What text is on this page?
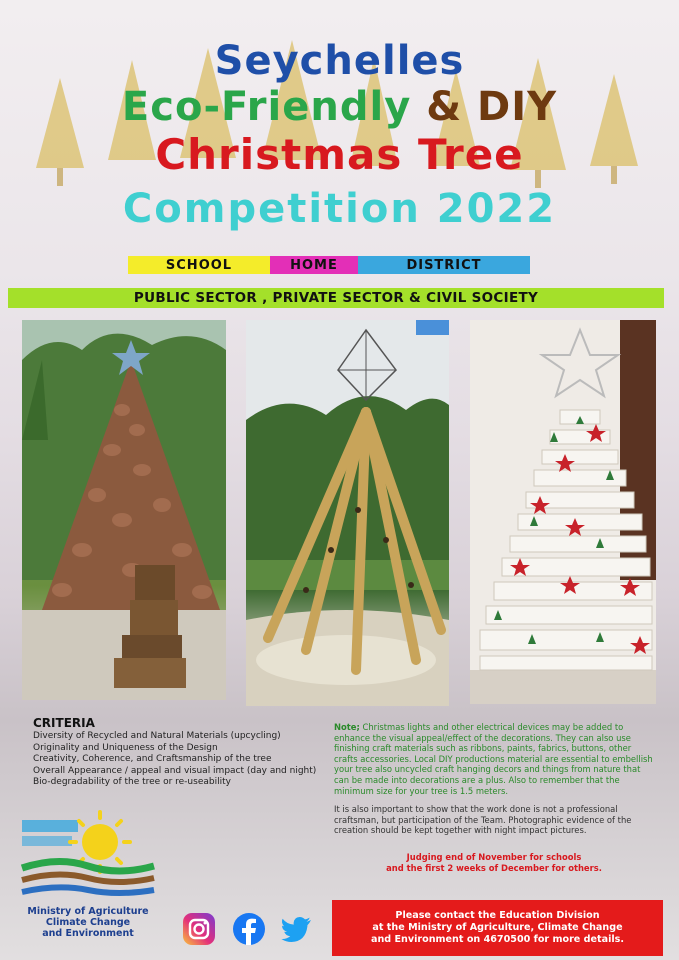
Seychelles
Eco-Friendly & DIY
Christmas Tree
Competition 2022
SCHOOL	HOME	DISTRICT
PUBLIC SECTOR , PRIVATE SECTOR & CIVIL SOCIETY
CRITERIA
Diversity of Recycled and Natural Materials (upcycling)
Originality and Uniqueness of the Design
Creativity, Coherence, and Craftsmanship of the tree
Overall Appearance / appeal and visual impact (day and night)
Bio-degradability of the tree or re-useability

Note; Christmas lights and other electrical devices may be added to enhance the visual appeal/effect of the decorations. They can also use finishing craft materials such as ribbons, paints, fabrics, buttons, other crafts accessories. Local DIY productions material are essential to embellish your tree also uncycled craft hanging decors and things from nature that can be made into decorations are a plus. Also to remember that the minimum size for your tree is 1.5 meters.

It is also important to show that the work done is not a professional craftsman, but participation of the Team. Photographic evidence of the creation should be kept together with night impact pictures.

Judging end of November for schools
and the first 2 weeks of December for others.
Ministry of Agriculture
Climate Change
and Environment
Please contact the Education Division
at the Ministry of Agriculture, Climate Change
and Environment on 4670500 for more details.
